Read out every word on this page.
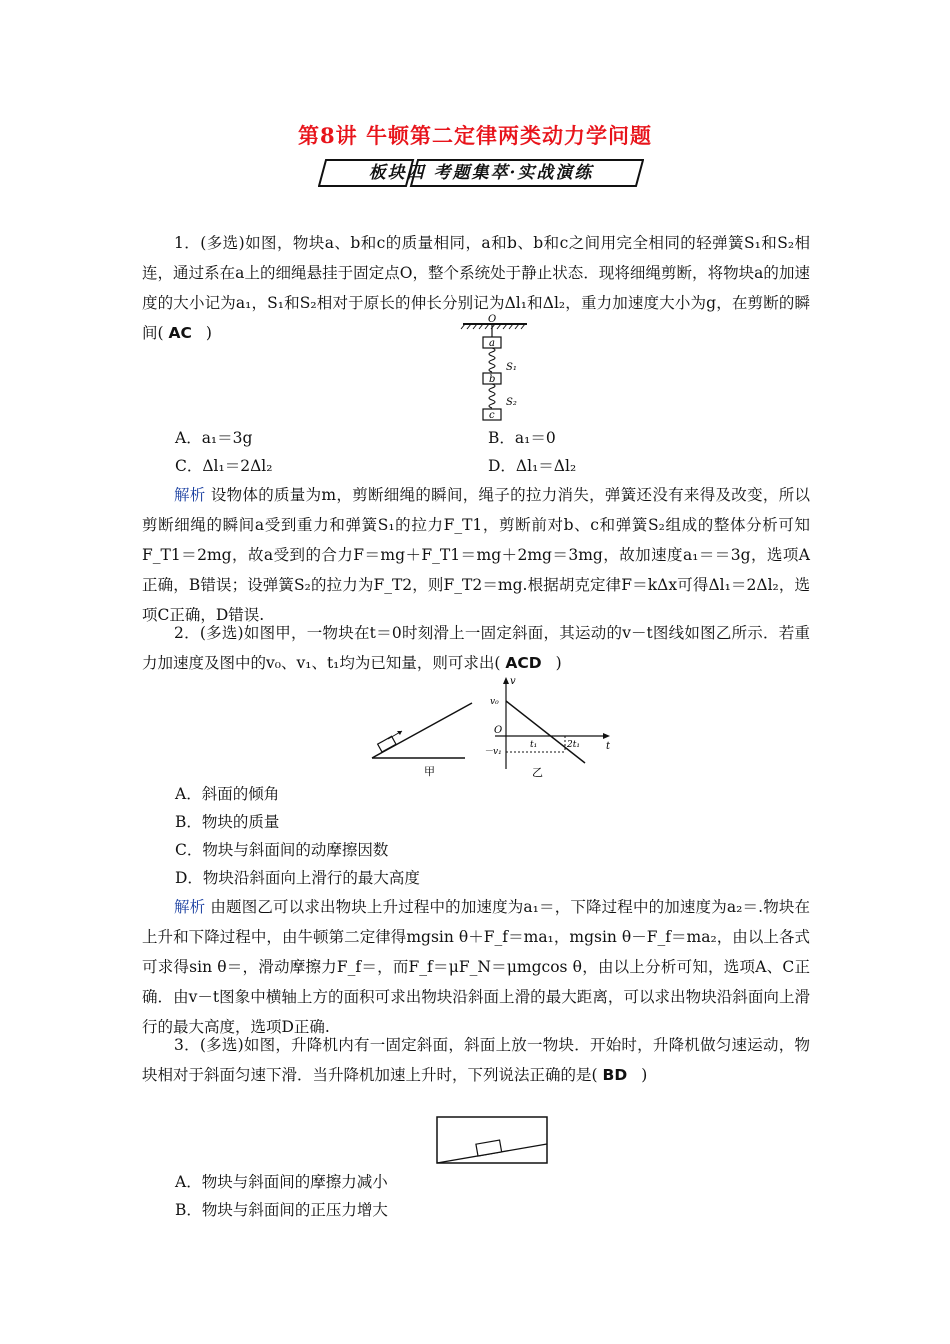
第8讲 牛顿第二定律两类动力学问题
板块四 考题集萃·实战演练
1．(多选)如图，物块a、b和c的质量相同，a和b、b和c之间用完全相同的轻弹簧S₁和S₂相连，通过系在a上的细绳悬挂于固定点O，整个系统处于静止状态．现将细绳剪断，将物块a的加速度的大小记为a₁，S₁和S₂相对于原长的伸长分别记为Δl₁和Δl₂，重力加速度大小为g，在剪断的瞬间( AC )
O
a
S₁
b
S₂
c
A．a₁＝3g	B．a₁＝0
C．Δl₁＝2Δl₂	D．Δl₁＝Δl₂
解析 设物体的质量为m，剪断细绳的瞬间，绳子的拉力消失，弹簧还没有来得及改变，所以剪断细绳的瞬间a受到重力和弹簧S₁的拉力F_T1，剪断前对b、c和弹簧S₂组成的整体分析可知F_T1＝2mg，故a受到的合力F＝mg＋F_T1＝mg＋2mg＝3mg，故加速度a₁＝＝3g，选项A正确，B错误；设弹簧S₂的拉力为F_T2，则F_T2＝mg.根据胡克定律F＝kΔx可得Δl₁＝2Δl₂，选项C正确，D错误.
2．(多选)如图甲，一物块在t＝0时刻滑上一固定斜面，其运动的v－t图线如图乙所示．若重力加速度及图中的v₀、v₁、t₁均为已知量，则可求出( ACD )
甲
v
v₀
O
－v₁
t₁	2t₁	t
乙
A．斜面的倾角
B．物块的质量
C．物块与斜面间的动摩擦因数
D．物块沿斜面向上滑行的最大高度
解析 由题图乙可以求出物块上升过程中的加速度为a₁＝，下降过程中的加速度为a₂＝.物块在上升和下降过程中，由牛顿第二定律得mgsin θ＋F_f＝ma₁，mgsin θ－F_f＝ma₂，由以上各式可求得sin θ＝，滑动摩擦力F_f＝，而F_f＝μF_N＝μmgcos θ，由以上分析可知，选项A、C正确．由v－t图象中横轴上方的面积可求出物块沿斜面上滑的最大距离，可以求出物块沿斜面向上滑行的最大高度，选项D正确.
3．(多选)如图，升降机内有一固定斜面，斜面上放一物块．开始时，升降机做匀速运动，物块相对于斜面匀速下滑．当升降机加速上升时，下列说法正确的是( BD )
A．物块与斜面间的摩擦力减小
B．物块与斜面间的正压力增大
